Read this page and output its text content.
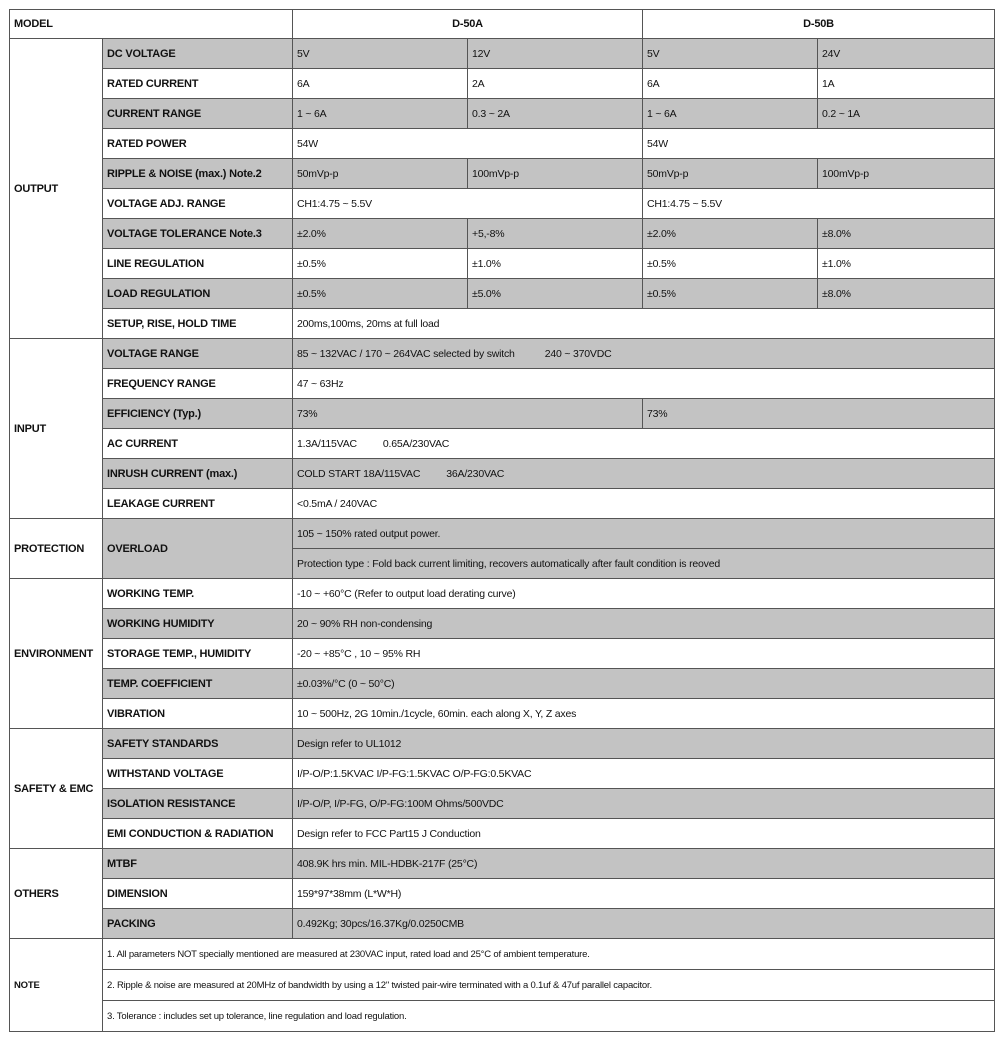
MODEL		D-50A		D-50B	
OUTPUT	DC VOLTAGE	5V	12V	5V	24V
	RATED CURRENT	6A	2A	6A	1A
	CURRENT RANGE	1 ~ 6A	0.3 ~ 2A	1 ~ 6A	0.2 ~ 1A
	RATED POWER	54W		54W	
	RIPPLE & NOISE (max.) Note.2	50mVp-p	100mVp-p	50mVp-p	100mVp-p
	VOLTAGE ADJ. RANGE	CH1:4.75 ~ 5.5V		CH1:4.75 ~ 5.5V	
	VOLTAGE TOLERANCE Note.3	±2.0%	+5,-8%	±2.0%	±8.0%
	LINE REGULATION	±0.5%	±1.0%	±0.5%	±1.0%
	LOAD REGULATION	±0.5%	±5.0%	±0.5%	±8.0%
	SETUP, RISE, HOLD TIME	200ms,100ms, 20ms at full load			
INPUT	VOLTAGE RANGE	85 ~ 132VAC / 170 ~ 264VAC selected by switch 240 ~ 370VDC			
	FREQUENCY RANGE	47 ~ 63Hz			
	EFFICIENCY (Typ.)	73%		73%	
	AC CURRENT	1.3A/115VAC 0.65A/230VAC			
	INRUSH CURRENT (max.)	COLD START 18A/115VAC 36A/230VAC			
	LEAKAGE CURRENT	<0.5mA / 240VAC			
PROTECTION	OVERLOAD	105 ~ 150% rated output power.			
		Protection type : Fold back current limiting, recovers automatically after fault condition is reoved			
ENVIRONMENT	WORKING TEMP.	-10 ~ +60°C (Refer to output load derating curve)			
	WORKING HUMIDITY	20 ~ 90% RH non-condensing			
	STORAGE TEMP., HUMIDITY	-20 ~ +85°C , 10 ~ 95% RH			
	TEMP. COEFFICIENT	±0.03%/°C (0 ~ 50°C)			
	VIBRATION	10 ~ 500Hz, 2G 10min./1cycle, 60min. each along X, Y, Z axes			
SAFETY & EMC	SAFETY STANDARDS	Design refer to UL1012			
	WITHSTAND VOLTAGE	I/P-O/P:1.5KVAC I/P-FG:1.5KVAC O/P-FG:0.5KVAC			
	ISOLATION RESISTANCE	I/P-O/P, I/P-FG, O/P-FG:100M Ohms/500VDC			
	EMI CONDUCTION & RADIATION	Design refer to FCC Part15 J Conduction			
OTHERS	MTBF	408.9K hrs min. MIL-HDBK-217F (25°C)			
	DIMENSION	159*97*38mm (L*W*H)			
	PACKING	0.492Kg; 30pcs/16.37Kg/0.0250CMB			
NOTE	1. All parameters NOT specially mentioned are measured at 230VAC input, rated load and 25°C of ambient temperature.				
	2. Ripple & noise are measured at 20MHz of bandwidth by using a 12" twisted pair-wire terminated with a 0.1uf & 47uf parallel capacitor.				
	3. Tolerance : includes set up tolerance, line regulation and load regulation.				
